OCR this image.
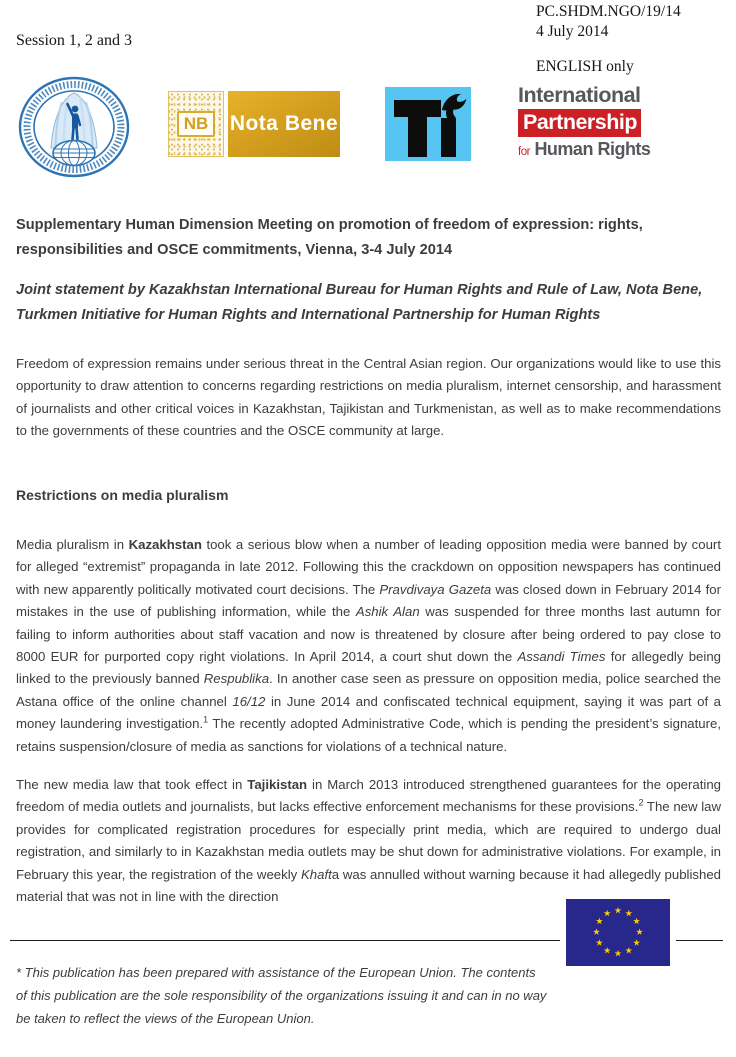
Session 1, 2 and 3
PC.SHDM.NGO/19/14
4 July 2014
ENGLISH only
NB	Nota Bene
International
Partnership
for Human Rights
Supplementary Human Dimension Meeting on promotion of freedom of expression: rights, responsibilities and OSCE commitments, Vienna, 3-4 July 2014
Joint statement by Kazakhstan International Bureau for Human Rights and Rule of Law, Nota Bene, Turkmen Initiative for Human Rights and International Partnership for Human Rights
Freedom of expression remains under serious threat in the Central Asian region. Our organizations would like to use this opportunity to draw attention to concerns regarding restrictions on media pluralism, internet censorship, and harassment of journalists and other critical voices in Kazakhstan, Tajikistan and Turkmenistan, as well as to make recommendations to the governments of these countries and the OSCE community at large.
Restrictions on media pluralism
Media pluralism in Kazakhstan took a serious blow when a number of leading opposition media were banned by court for alleged “extremist” propaganda in late 2012. Following this the crackdown on opposition newspapers has continued with new apparently politically motivated court decisions. The Pravdivaya Gazeta was closed down in February 2014 for mistakes in the use of publishing information, while the Ashik Alan was suspended for three months last autumn for failing to inform authorities about staff vacation and now is threatened by closure after being ordered to pay close to 8000 EUR for purported copy right violations. In April 2014, a court shut down the Assandi Times for allegedly being linked to the previously banned Respublika. In another case seen as pressure on opposition media, police searched the Astana office of the online channel 16/12 in June 2014 and confiscated technical equipment, saying it was part of a money laundering investigation.$^1$ The recently adopted Administrative Code, which is pending the president’s signature, retains suspension/closure of media as sanctions for violations of a technical nature.
The new media law that took effect in Tajikistan in March 2013 introduced strengthened guarantees for the operating freedom of media outlets and journalists, but lacks effective enforcement mechanisms for these provisions.$^2$ The new law provides for complicated registration procedures for especially print media, which are required to undergo dual registration, and similarly to in Kazakhstan media outlets may be shut down for administrative violations. For example, in February this year, the registration of the weekly Khafta was annulled without warning because it had allegedly published material that was not in line with the direction
* This publication has been prepared with assistance of the European Union. The contents of this publication are the sole responsibility of the organizations issuing it and can in no way be taken to reflect the views of the European Union.
